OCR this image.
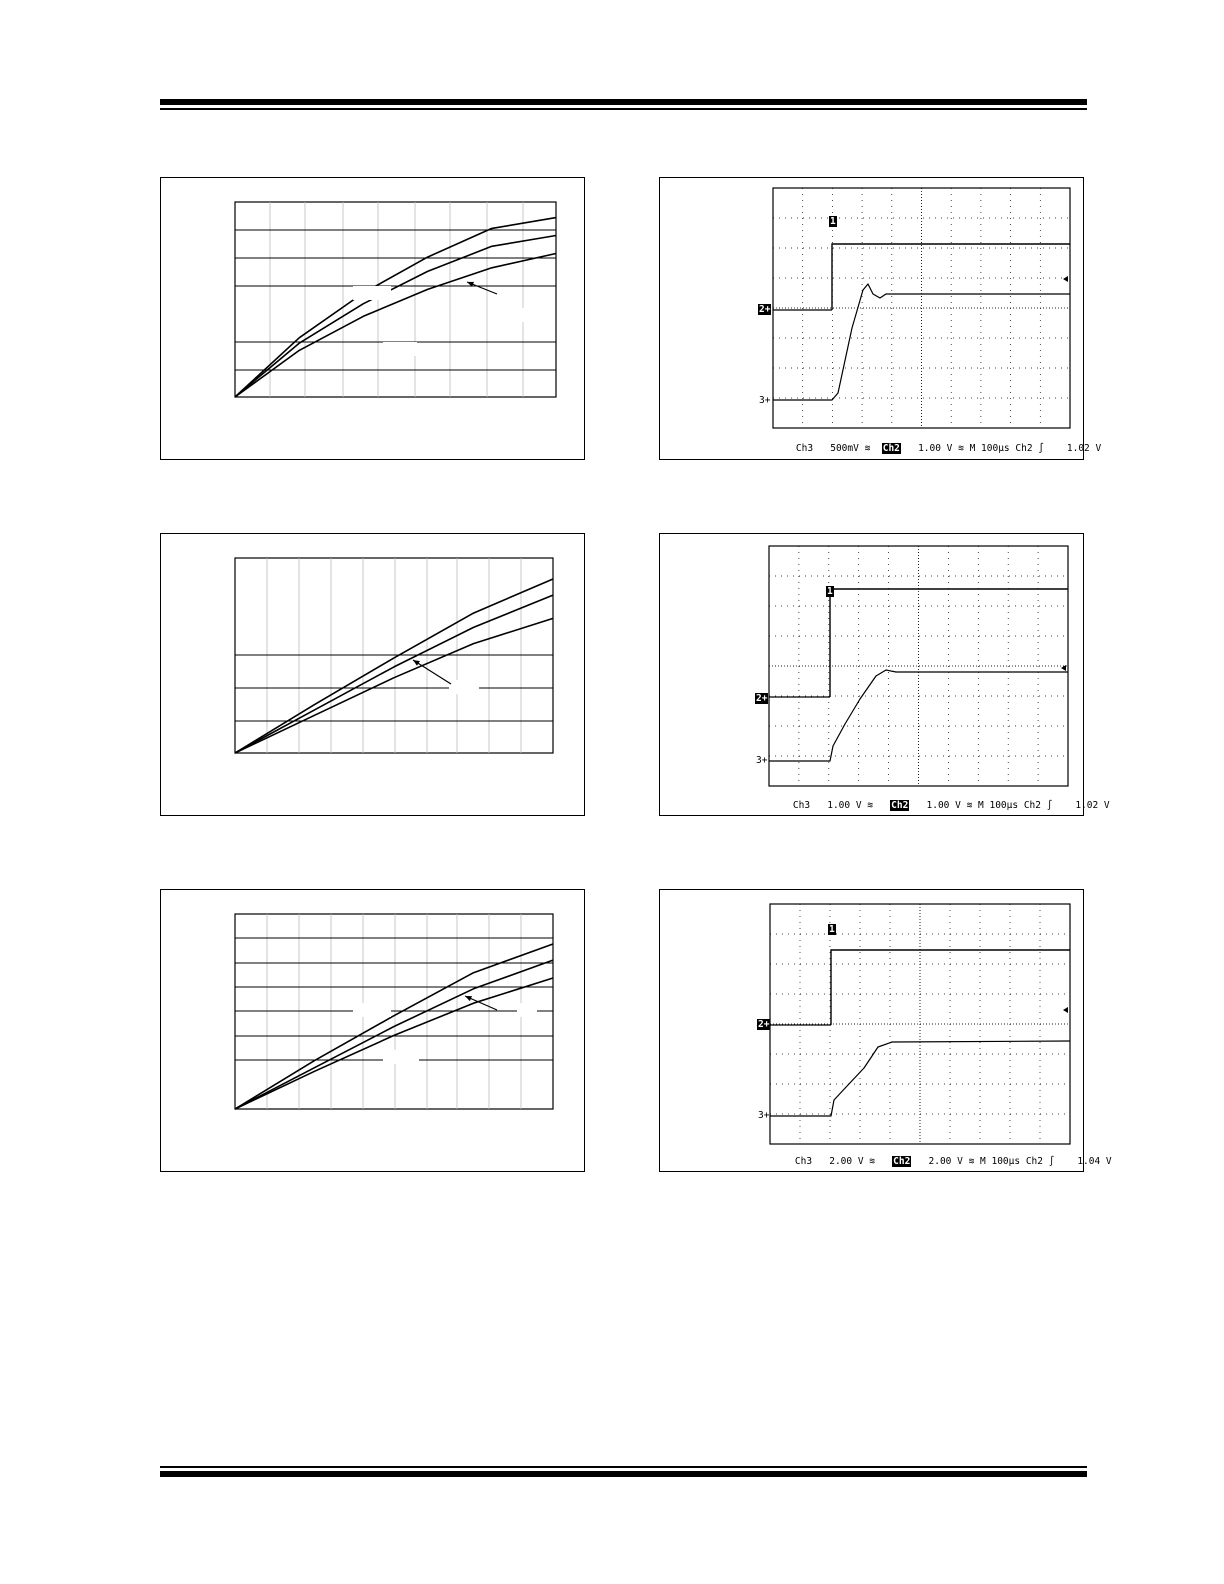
1
2+
3+

Ch3 500mV ≋  Ch2 1.00 V ≋ M 100µs Ch2 ∫    1.02 V

1
2+
3+

Ch3 1.00 V ≋   Ch2 1.00 V ≋ M 100µs Ch2 ∫    1.02 V

1
2+
3+

Ch3 2.00 V ≋   Ch2 2.00 V ≋ M 100µs Ch2 ∫    1.04 V
